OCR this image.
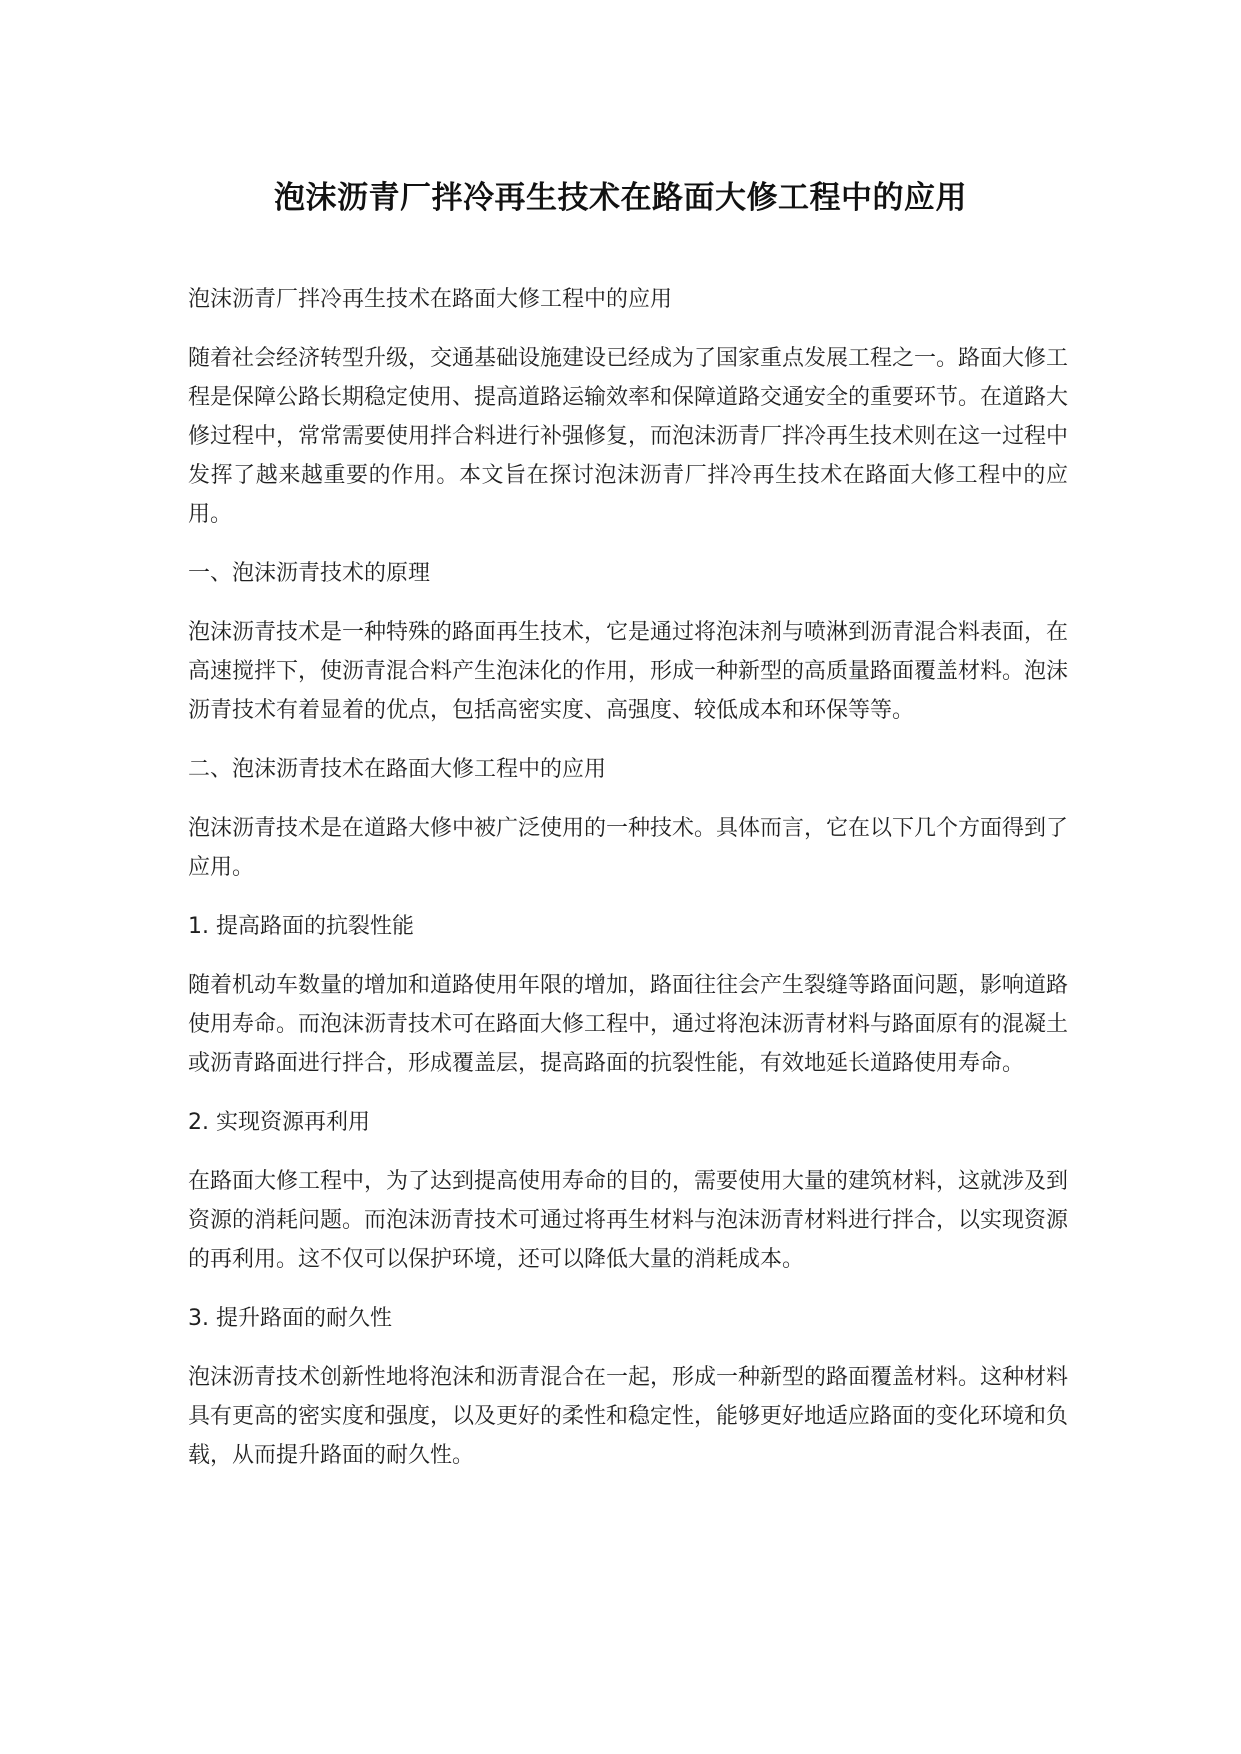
泡沫沥青厂拌冷再生技术在路面大修工程中的应用

泡沫沥青厂拌冷再生技术在路面大修工程中的应用

随着社会经济转型升级，交通基础设施建设已经成为了国家重点发展工程之一。路面大修工程是保障公路长期稳定使用、提高道路运输效率和保障道路交通安全的重要环节。在道路大修过程中，常常需要使用拌合料进行补强修复，而泡沫沥青厂拌冷再生技术则在这一过程中发挥了越来越重要的作用。本文旨在探讨泡沫沥青厂拌冷再生技术在路面大修工程中的应用。

一、泡沫沥青技术的原理

泡沫沥青技术是一种特殊的路面再生技术，它是通过将泡沫剂与喷淋到沥青混合料表面，在高速搅拌下，使沥青混合料产生泡沫化的作用，形成一种新型的高质量路面覆盖材料。泡沫沥青技术有着显着的优点，包括高密实度、高强度、较低成本和环保等等。

二、泡沫沥青技术在路面大修工程中的应用

泡沫沥青技术是在道路大修中被广泛使用的一种技术。具体而言，它在以下几个方面得到了应用。

1. 提高路面的抗裂性能

随着机动车数量的增加和道路使用年限的增加，路面往往会产生裂缝等路面问题，影响道路使用寿命。而泡沫沥青技术可在路面大修工程中，通过将泡沫沥青材料与路面原有的混凝土或沥青路面进行拌合，形成覆盖层，提高路面的抗裂性能，有效地延长道路使用寿命。

2. 实现资源再利用

在路面大修工程中，为了达到提高使用寿命的目的，需要使用大量的建筑材料，这就涉及到资源的消耗问题。而泡沫沥青技术可通过将再生材料与泡沫沥青材料进行拌合，以实现资源的再利用。这不仅可以保护环境，还可以降低大量的消耗成本。

3. 提升路面的耐久性

泡沫沥青技术创新性地将泡沫和沥青混合在一起，形成一种新型的路面覆盖材料。这种材料具有更高的密实度和强度，以及更好的柔性和稳定性，能够更好地适应路面的变化环境和负载，从而提升路面的耐久性。
